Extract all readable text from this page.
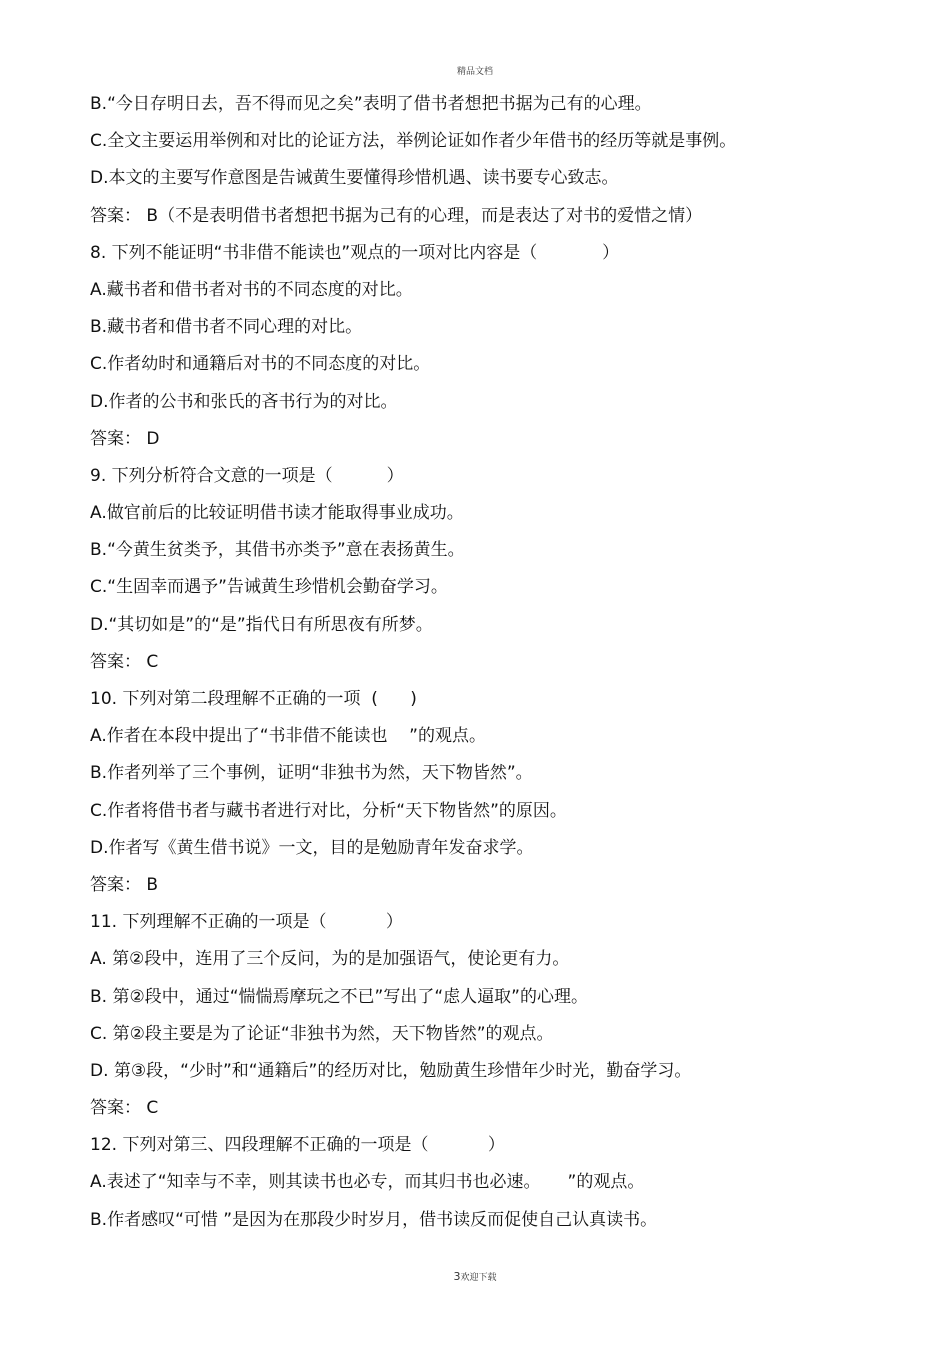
精品文档
B.“今日存明日去，吾不得而见之矣”表明了借书者想把书据为己有的心理。
C.全文主要运用举例和对比的论证方法，举例论证如作者少年借书的经历等就是事例。
D.本文的主要写作意图是告诫黄生要懂得珍惜机遇、读书要专心致志。
答案： B（不是表明借书者想把书据为己有的心理，而是表达了对书的爱惜之情）
8. 下列不能证明“书非借不能读也”观点的一项对比内容是（            ）
A.藏书者和借书者对书的不同态度的对比。
B.藏书者和借书者不同心理的对比。
C.作者幼时和通籍后对书的不同态度的对比。
D.作者的公书和张氏的吝书行为的对比。
答案： D
9. 下列分析符合文意的一项是（          ）
A.做官前后的比较证明借书读才能取得事业成功。
B.“今黄生贫类予，其借书亦类予”意在表扬黄生。
C.“生固幸而遇予”告诫黄生珍惜机会勤奋学习。
D.“其切如是”的“是”指代日有所思夜有所梦。
答案： C
10. 下列对第二段理解不正确的一项  (      )
A.作者在本段中提出了“书非借不能读也    ”的观点。
B.作者列举了三个事例，证明“非独书为然，天下物皆然”。
C.作者将借书者与藏书者进行对比，分析“天下物皆然”的原因。
D.作者写《黄生借书说》一文，目的是勉励青年发奋求学。
答案： B
11. 下列理解不正确的一项是（           ）
A. 第②段中，连用了三个反问，为的是加强语气，使论更有力。
B. 第②段中，通过“惴惴焉摩玩之不已”写出了“虑人逼取”的心理。
C. 第②段主要是为了论证“非独书为然，天下物皆然”的观点。
D. 第③段，“少时”和“通籍后”的经历对比，勉励黄生珍惜年少时光，勤奋学习。
答案： C
12. 下列对第三、四段理解不正确的一项是（           ）
A.表述了“知幸与不幸，则其读书也必专，而其归书也必速。     ”的观点。
B.作者感叹“可惜 ”是因为在那段少时岁月，借书读反而促使自己认真读书。
3欢迎下载
